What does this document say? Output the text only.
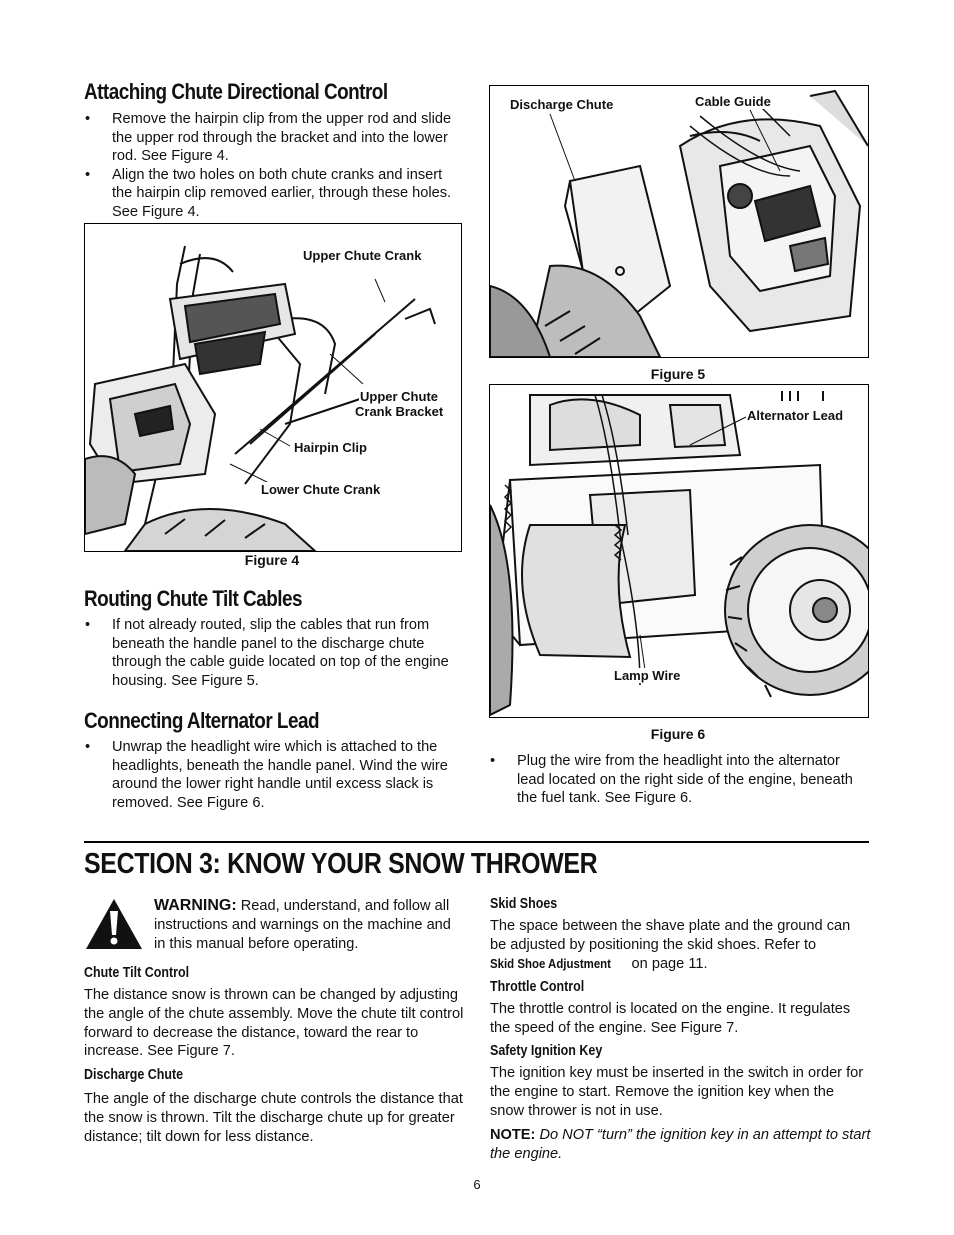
Attaching Chute Directional Control
• Remove the hairpin clip from the upper rod and slide the upper rod through the bracket and into the lower rod. See Figure 4.
• Align the two holes on both chute cranks and insert the hairpin clip removed earlier, through these holes. See Figure 4.
Upper Chute Crank
Upper Chute
Crank Bracket
Hairpin Clip
Lower Chute Crank
Figure 4
Routing Chute Tilt Cables
• If not already routed, slip the cables that run from beneath the handle panel to the discharge chute through the cable guide located on top of the engine housing. See Figure 5.
Connecting Alternator Lead
• Unwrap the headlight wire which is attached to the headlights, beneath the handle panel. Wind the wire around the lower right handle until excess slack is removed. See Figure 6.
Discharge Chute	Cable Guide
Figure 5
Alternator Lead
Lamp Wire
Figure 6
• Plug the wire from the headlight into the alternator lead located on the right side of the engine, beneath the fuel tank. See Figure 6.
SECTION 3: KNOW YOUR SNOW THROWER

WARNING: Read, understand, and follow all instructions and warnings on the machine and in this manual before operating.

Chute Tilt Control

The distance snow is thrown can be changed by adjusting the angle of the chute assembly. Move the chute tilt control forward to decrease the distance, toward the rear to increase. See Figure 7.

Discharge Chute

The angle of the discharge chute controls the distance that the snow is thrown. Tilt the discharge chute up for greater distance; tilt down for less distance.

Skid Shoes

The space between the shave plate and the ground can be adjusted by positioning the skid shoes. Refer to Skid Shoe Adjustment on page 11.

Throttle Control

The throttle control is located on the engine. It regulates the speed of the engine. See Figure 7.

Safety Ignition Key

The ignition key must be inserted in the switch in order for the engine to start. Remove the ignition key when the snow thrower is not in use.

NOTE: Do NOT “turn” the ignition key in an attempt to start the engine.

6
